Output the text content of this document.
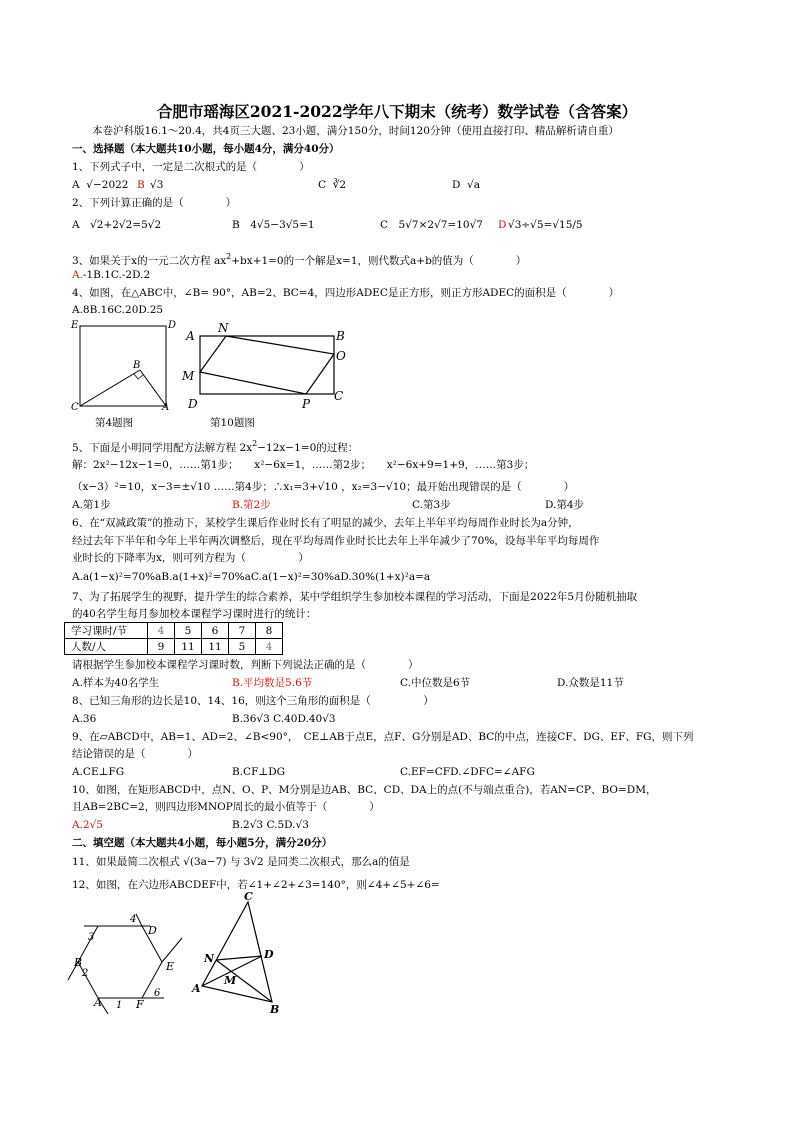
合肥市瑶海区2021-2022学年八下期末（统考）数学试卷（含答案）
本卷沪科版16.1～20.4，共4页三大题、23小题，满分150分，时间120分钟（使用直接打印、精品解析请自重）
一、选择题（本大题共10小题，每小题4分，满分40分）
1、下列式子中，一定是二次根式的是（　　　　）
A √−2022 B √3	C ∛2	D √a
2、下列计算正确的是（　　　　）
A　√2+2√2=5√2	B　4√5−3√5=1	C　5√7×2√7=10√7 D √3÷√5=√15/5
3、如果关于x的一元二次方程 $ax^2+bx+1=0$的一个解是x=1，则代数式a+b的值为（　　　　）
A.-1B.1C.-2D.2
4、如图，在△ABC中，∠B= 90°，AB=2、BC=4，四边形ADEC是正方形，则正方形ADEC的面积是（　　　　）
A.8B.16C.20D.25
E	D
B
C	A
第4题图
A
N
B
O
M
C
D	P
第10题图
5、下面是小明同学用配方法解方程 $2x^2-12x-1=0$的过程：
解：2x²−12x−1=0，……第1步；　　x²−6x=1，……第2步；　　x²−6x+9=1+9，……第3步；
（x−3）²=10，x−3=±√10 ……第4步；∴x₁=3+√10 ，x₂=3−√10；最开始出现错误的是（　　　　）
A.第1步	B.第2步	C.第3步	D.第4步
6、在“双减政策”的推动下，某校学生课后作业时长有了明显的减少，去年上半年平均每周作业时长为a分钟，
经过去年下半年和今年上半年两次调整后，现在平均每周作业时长比去年上半年减少了70%，设每半年平均每周作
业时长的下降率为x，则可列方程为（　　　　　）
A.a(1−x)²=70%aB.a(1+x)²=70%aC.a(1−x)²=30%aD.30%(1+x)²a=a
7、为了拓展学生的视野，提升学生的综合素养，某中学组织学生参加校本课程的学习活动，下面是2022年5月份随机抽取
的40名学生每月参加校本课程学习课时进行的统计：
学习课时/节	4	5	6	7	8
人数/人	9	11	11	5	4
请根据学生参加校本课程学习课时数，判断下列说法正确的是（　　　　）
A.样本为40名学生	B.平均数是5.6节	C.中位数是6节	D.众数是11节
8、已知三角形的边长是10、14、16，则这个三角形的面积是（　　　　　）
A.36	B.36√3 C.40D.40√3
9、在▱ABCD中，AB=1、AD=2、∠B<90°，　CE⊥AB于点E，点F、G分别是AD、BC的中点，连接CF、DG、EF、FG，则下列
结论错误的是（　　　　）
A.CE⊥FG	B.CF⊥DG	C.EF=CFD.∠DFC=∠AFG
10、如图，在矩形ABCD中，点N、O、P、M分别是边AB、BC、CD、DA上的点(不与端点重合)，若AN=CP、BO=DM，
且AB=2BC=2，则四边形MNOP周长的最小值等于（　　　　）
A.2√5	B.2√3 C.5D.√3
二、填空题（本大题共4小题，每小题5分，满分20分）
11、如果最简二次根式 √(3a−7) 与 3√2 是同类二次根式，那么a的值是
12、如图，在六边形ABCDEF中，若∠1+∠2+∠3=140°，则∠4+∠5+∠6=
4
3
D
E
2
B
A 1 F
6
C
D
N
M
A
B
